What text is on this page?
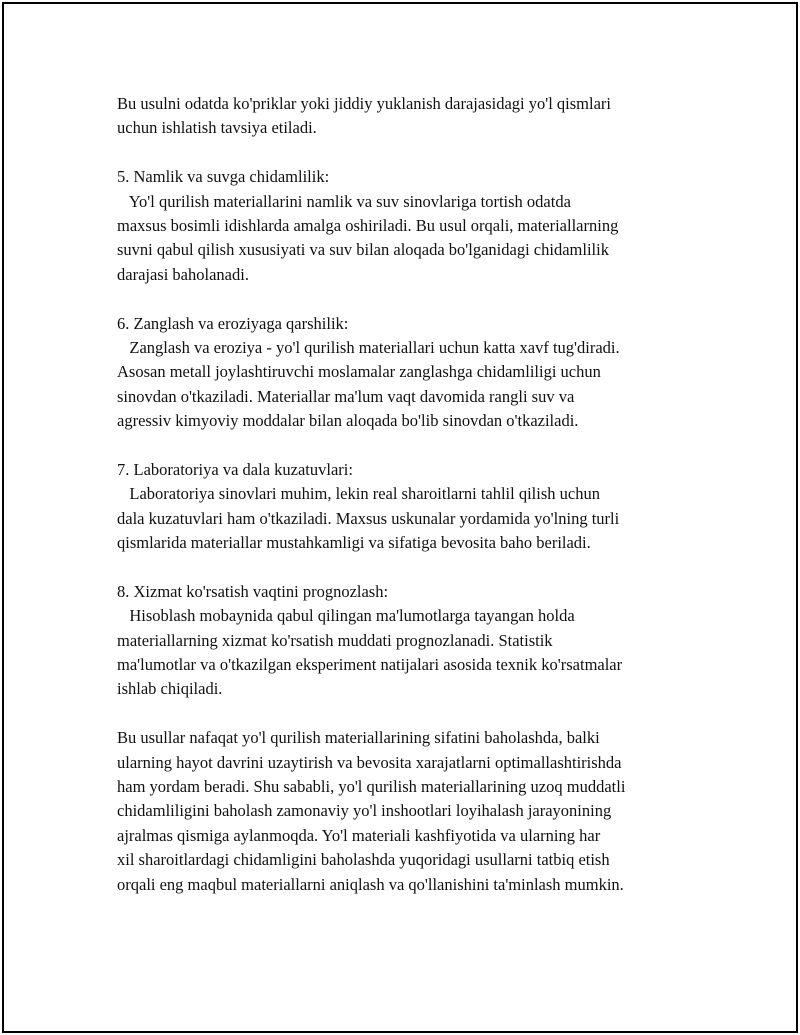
Bu usulni odatda ko'priklar yoki jiddiy yuklanish darajasidagi yo'l qismlari
uchun ishlatish tavsiya etiladi.
5. Namlik va suvga chidamlilik:
Yo'l qurilish materiallarini namlik va suv sinovlariga tortish odatda
maxsus bosimli idishlarda amalga oshiriladi. Bu usul orqali, materiallarning
suvni qabul qilish xususiyati va suv bilan aloqada bo'lganidagi chidamlilik
darajasi baholanadi.
6. Zanglash va eroziyaga qarshilik:
Zanglash va eroziya - yo'l qurilish materiallari uchun katta xavf tug'diradi.
Asosan metall joylashtiruvchi moslamalar zanglashga chidamliligi uchun
sinovdan o'tkaziladi. Materiallar ma'lum vaqt davomida rangli suv va
agressiv kimyoviy moddalar bilan aloqada bo'lib sinovdan o'tkaziladi.
7. Laboratoriya va dala kuzatuvlari:
Laboratoriya sinovlari muhim, lekin real sharoitlarni tahlil qilish uchun
dala kuzatuvlari ham o'tkaziladi. Maxsus uskunalar yordamida yo'lning turli
qismlarida materiallar mustahkamligi va sifatiga bevosita baho beriladi.
8. Xizmat ko'rsatish vaqtini prognozlash:
Hisoblash mobaynida qabul qilingan ma'lumotlarga tayangan holda
materiallarning xizmat ko'rsatish muddati prognozlanadi. Statistik
ma'lumotlar va o'tkazilgan eksperiment natijalari asosida texnik ko'rsatmalar
ishlab chiqiladi.
Bu usullar nafaqat yo'l qurilish materiallarining sifatini baholashda, balki
ularning hayot davrini uzaytirish va bevosita xarajatlarni optimallashtirishda
ham yordam beradi. Shu sababli, yo'l qurilish materiallarining uzoq muddatli
chidamliligini baholash zamonaviy yo'l inshootlari loyihalash jarayonining
ajralmas qismiga aylanmoqda. Yo'l materiali kashfiyotida va ularning har
xil sharoitlardagi chidamligini baholashda yuqoridagi usullarni tatbiq etish
orqali eng maqbul materiallarni aniqlash va qo'llanishini ta'minlash mumkin.
